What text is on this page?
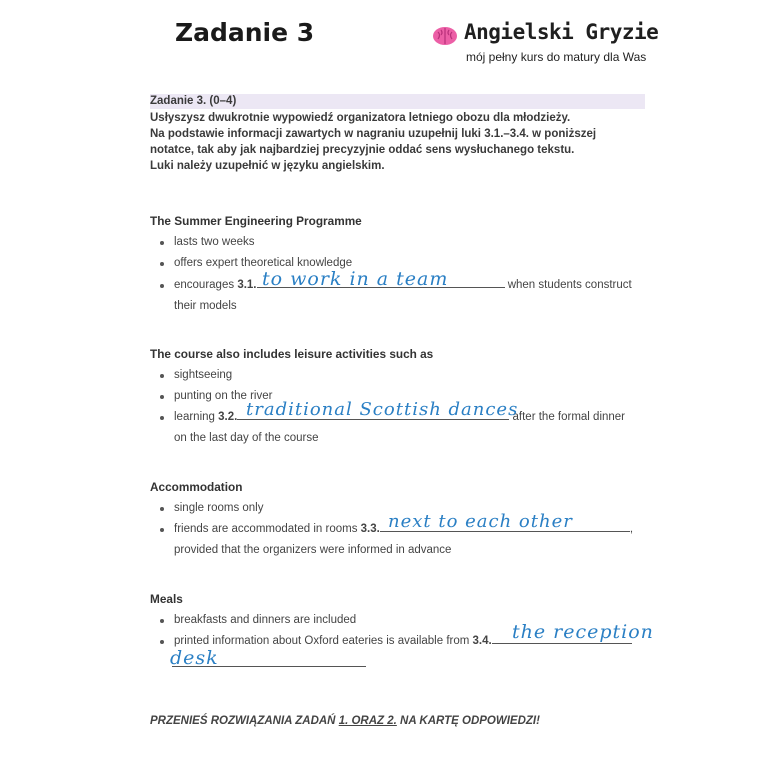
Zadanie 3	Angielski Gryzie
mój pełny kurs do matury dla Was
Zadanie 3. (0–4)
Usłyszysz dwukrotnie wypowiedź organizatora letniego obozu dla młodzieży.
Na podstawie informacji zawartych w nagraniu uzupełnij luki 3.1.–3.4. w poniższej
notatce, tak aby jak najbardziej precyzyjnie oddać sens wysłuchanego tekstu.
Luki należy uzupełnić w języku angielskim.
The Summer Engineering Programme
lasts two weeks
offers expert theoretical knowledge
encourages 3.1.	when students construct
to work in a team
their models
The course also includes leisure activities such as
sightseeing
punting on the river
learning 3.2.	after the formal dinner
traditional Scottish dances
on the last day of the course
Accommodation
single rooms only
friends are accommodated in rooms 3.3.	,
next to each other
provided that the organizers were informed in advance
Meals
breakfasts and dinners are included
printed information about Oxford eateries is available from 3.4.	the reception
desk
PRZENIEŚ ROZWIĄZANIA ZADAŃ 1. ORAZ 2. NA KARTĘ ODPOWIEDZI!
